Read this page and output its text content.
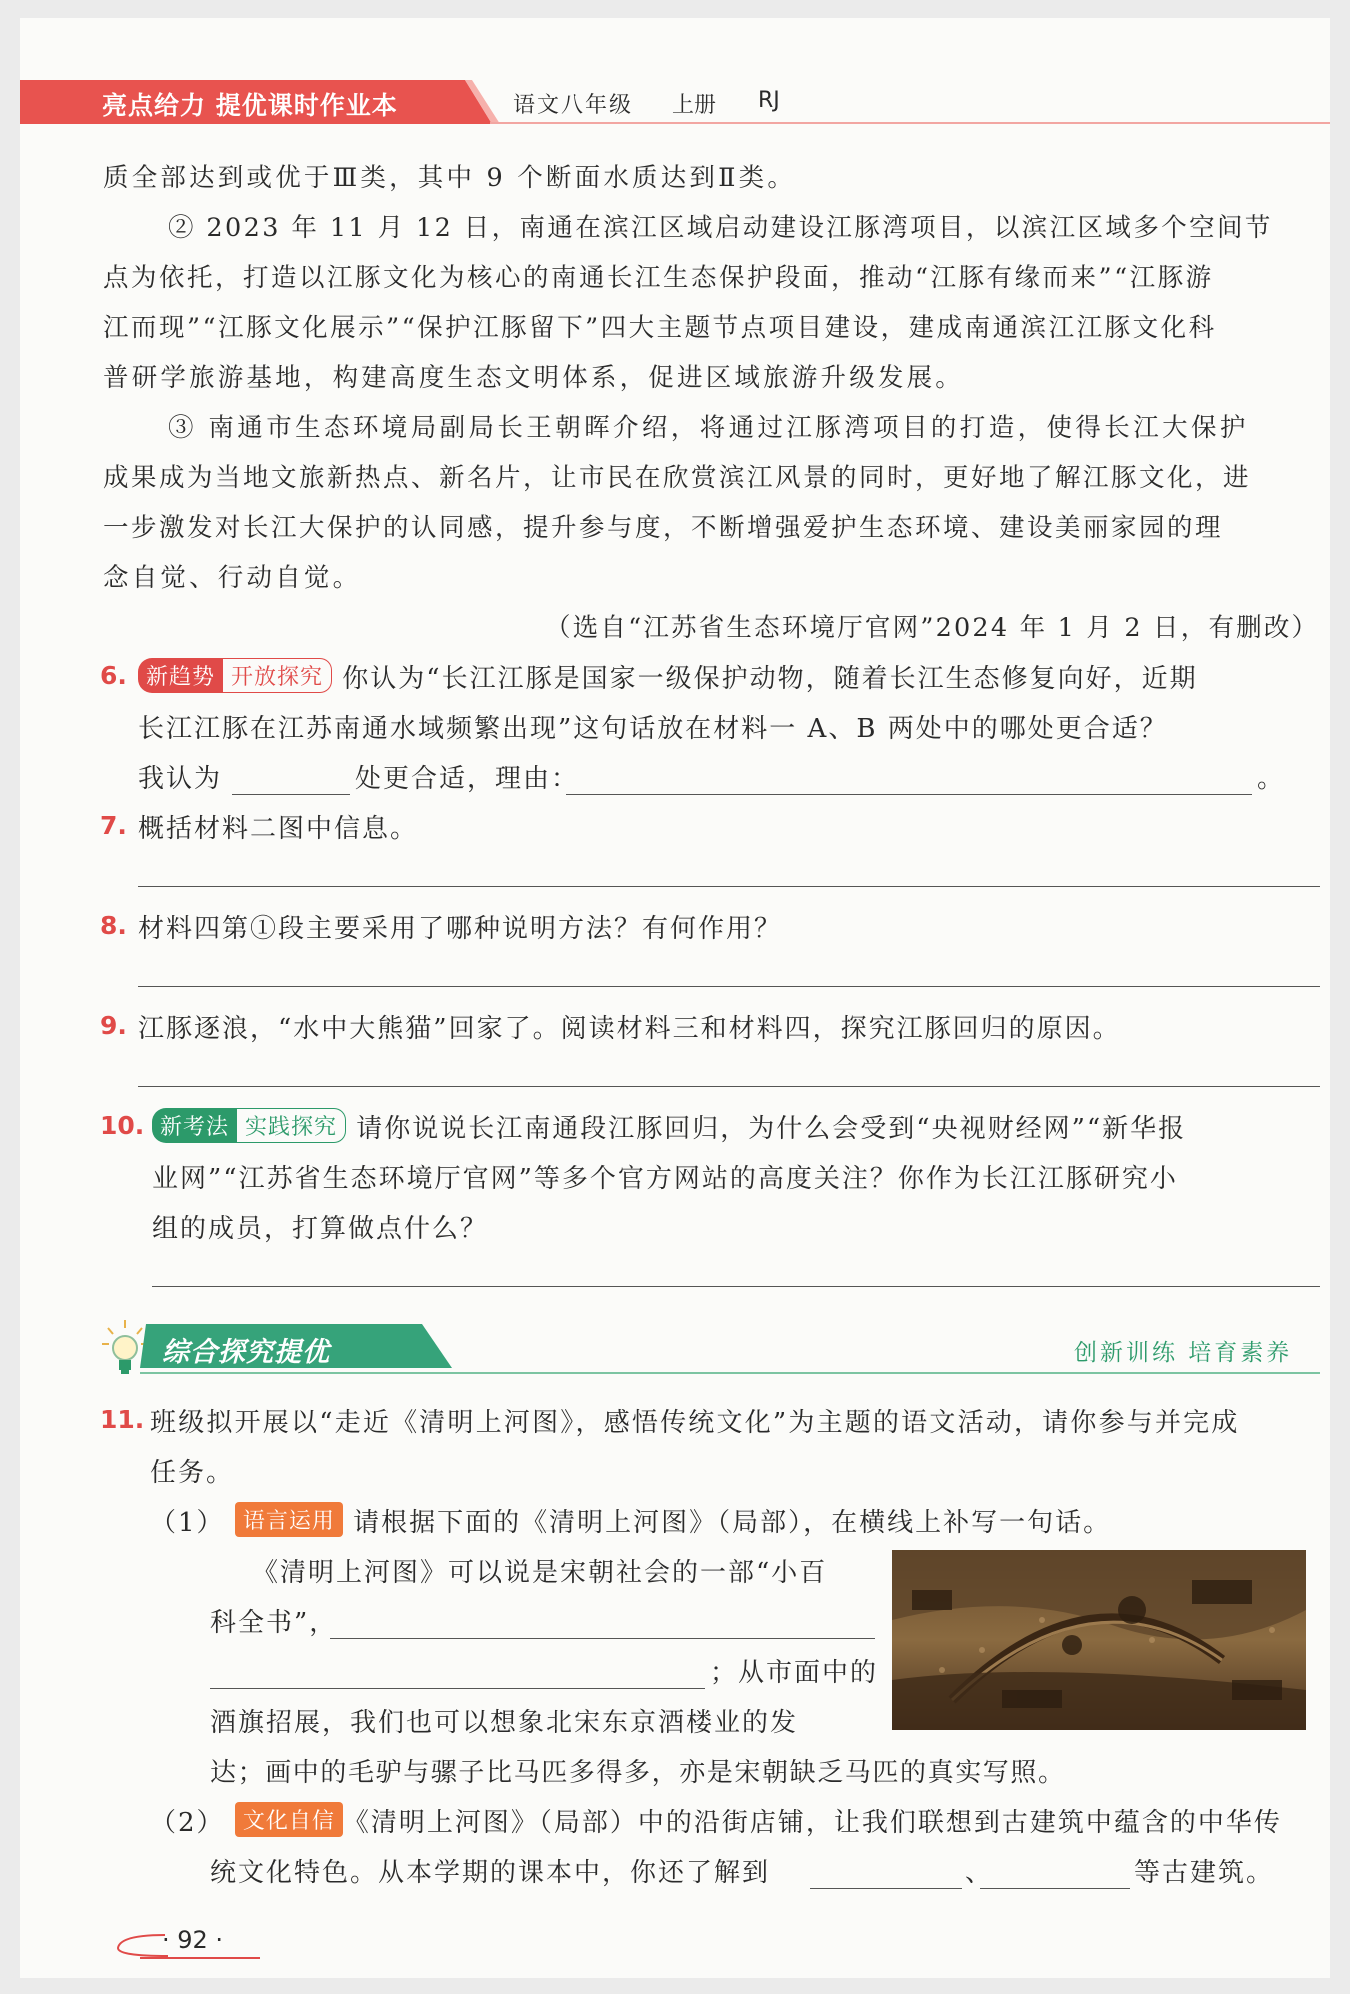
亮点给力 提优课时作业本	语文八年级 上册 RJ
质全部达到或优于Ⅲ类，其中 9 个断面水质达到Ⅱ类。
② 2023 年 11 月 12 日，南通在滨江区域启动建设江豚湾项目，以滨江区域多个空间节
点为依托，打造以江豚文化为核心的南通长江生态保护段面，推动“江豚有缘而来”“江豚游
江而现”“江豚文化展示”“保护江豚留下”四大主题节点项目建设，建成南通滨江江豚文化科
普研学旅游基地，构建高度生态文明体系，促进区域旅游升级发展。
③ 南通市生态环境局副局长王朝晖介绍，将通过江豚湾项目的打造，使得长江大保护
成果成为当地文旅新热点、新名片，让市民在欣赏滨江风景的同时，更好地了解江豚文化，进
一步激发对长江大保护的认同感，提升参与度，不断增强爱护生态环境、建设美丽家园的理
念自觉、行动自觉。
（选自“江苏省生态环境厅官网”2024 年 1 月 2 日，有删改）
6. 新趋势 开放探究 你认为“长江江豚是国家一级保护动物，随着长江生态修复向好，近期
长江江豚在江苏南通水域频繁出现”这句话放在材料一 A、B 两处中的哪处更合适？
我认为	处更合适，理由：	。
7. 概括材料二图中信息。
8. 材料四第①段主要采用了哪种说明方法？有何作用？
9. 江豚逐浪，“水中大熊猫”回家了。阅读材料三和材料四，探究江豚回归的原因。
10. 新考法 实践探究 请你说说长江南通段江豚回归，为什么会受到“央视财经网”“新华报
业网”“江苏省生态环境厅官网”等多个官方网站的高度关注？你作为长江江豚研究小
组的成员，打算做点什么？
综合探究提优	创新训练 培育素养
11. 班级拟开展以“走近《清明上河图》，感悟传统文化”为主题的语文活动，请你参与并完成
任务。
（1） 语言运用 请根据下面的《清明上河图》（局部），在横线上补写一句话。
《清明上河图》可以说是宋朝社会的一部“小百
科全书”，
；从市面中的
酒旗招展，我们也可以想象北宋东京酒楼业的发
达；画中的毛驴与骡子比马匹多得多，亦是宋朝缺乏马匹的真实写照。
（2） 文化自信 《清明上河图》（局部）中的沿街店铺，让我们联想到古建筑中蕴含的中华传
统文化特色。从本学期的课本中，你还了解到	、	等古建筑。
· 92 ·
